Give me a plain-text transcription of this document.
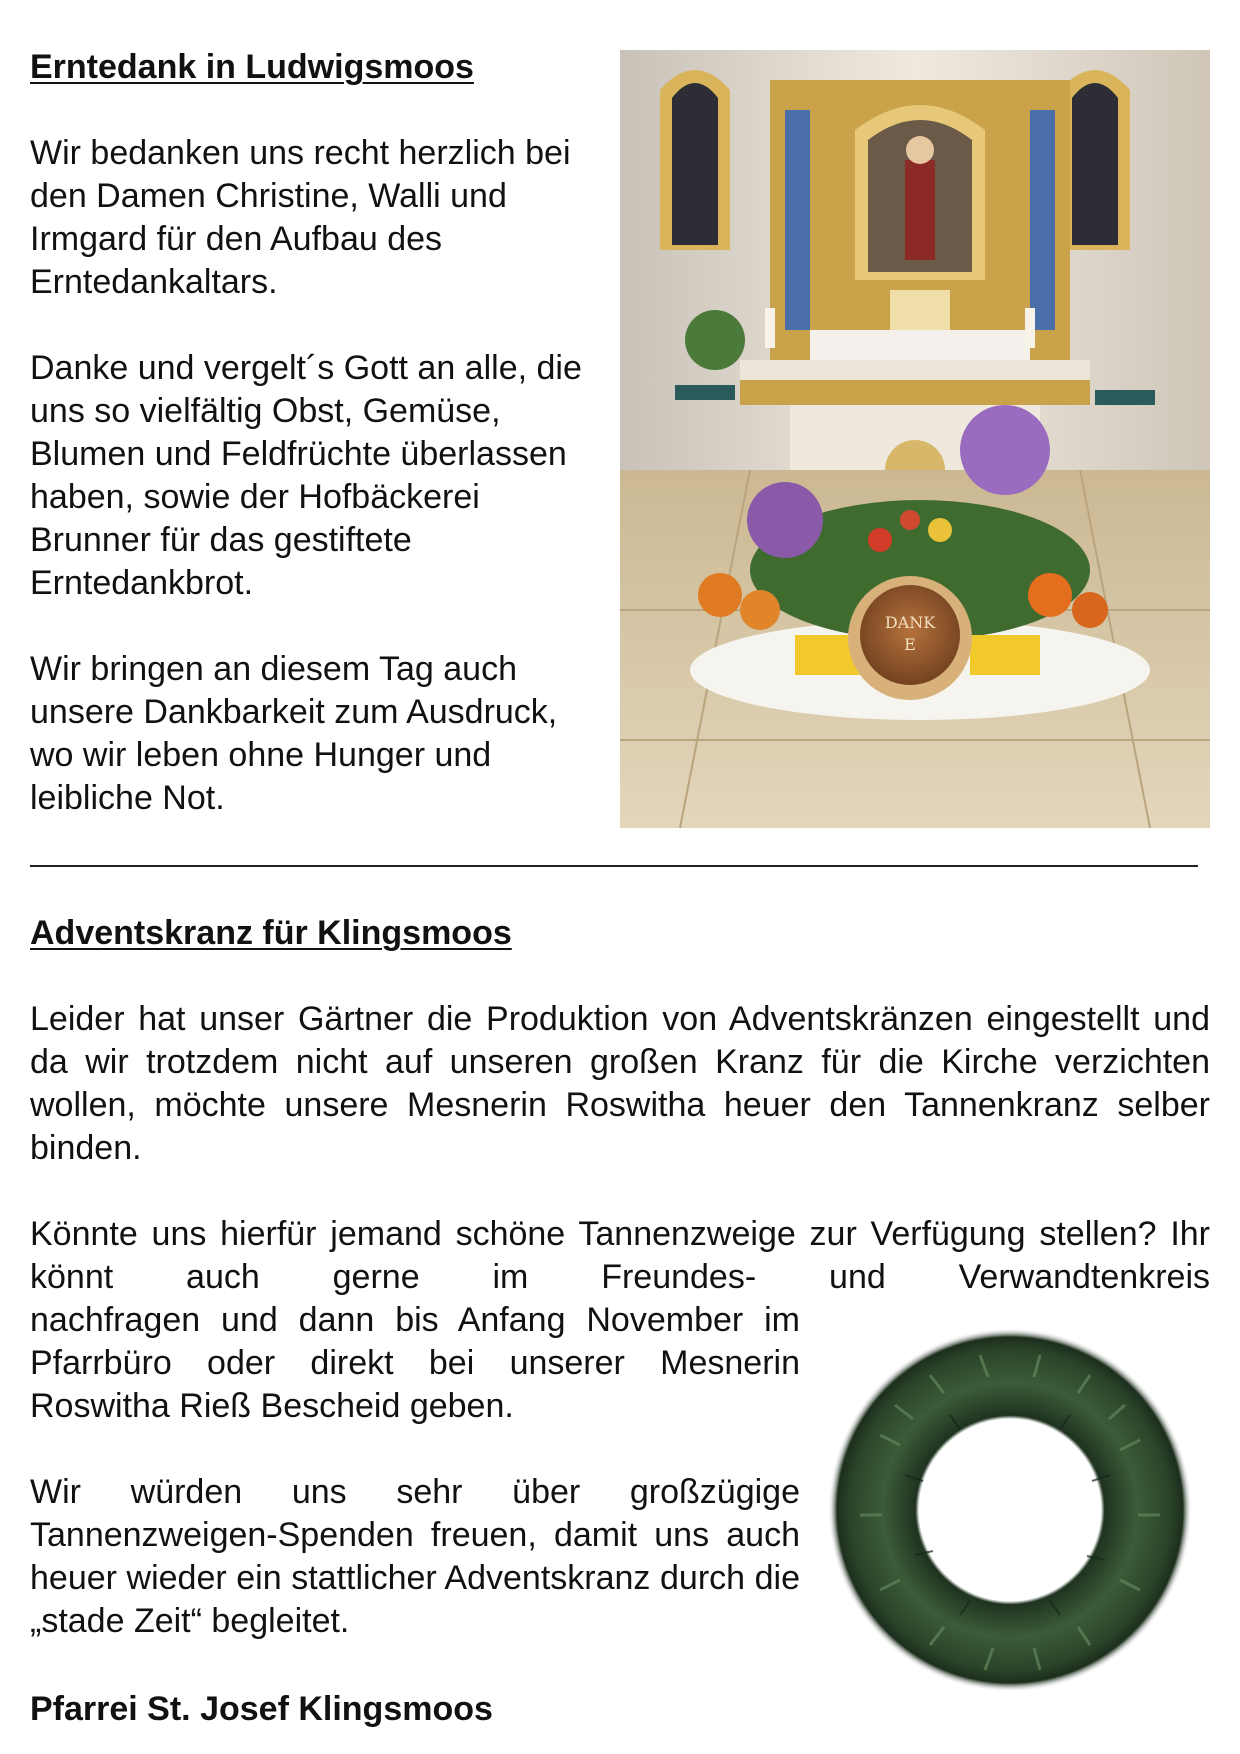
Erntedank in Ludwigsmoos

Wir bedanken uns recht herzlich bei den Damen Christine, Walli und Irmgard für den Aufbau des Erntedankaltars.

Danke und vergelt´s Gott an alle, die uns so vielfältig Obst, Gemüse, Blumen und Feldfrüchte überlassen haben, sowie der Hofbäckerei Brunner für das gestiftete Erntedankbrot.

Wir bringen an diesem Tag auch unsere Dankbarkeit zum Ausdruck, wo wir leben ohne Hunger und leibliche Not.

DANK
E
Adventskranz für Klingsmoos

Leider hat unser Gärtner die Produktion von Adventskränzen eingestellt und da wir trotzdem nicht auf unseren großen Kranz für die Kirche verzichten wollen, möchte unsere Mesnerin Roswitha heuer den Tannenkranz selber binden.

Könnte uns hierfür jemand schöne Tannenzweige zur Verfügung stellen? Ihr könnt auch gerne im Freundes- und Verwandtenkreis

nachfragen und dann bis Anfang November im Pfarrbüro oder direkt bei unserer Mesnerin Roswitha Rieß Bescheid geben.

Wir würden uns sehr über großzügige Tannenzweigen-Spenden freuen, damit uns auch heuer wieder ein stattlicher Adventskranz durch die „stade Zeit“ begleitet.

Pfarrei St. Josef Klingsmoos
